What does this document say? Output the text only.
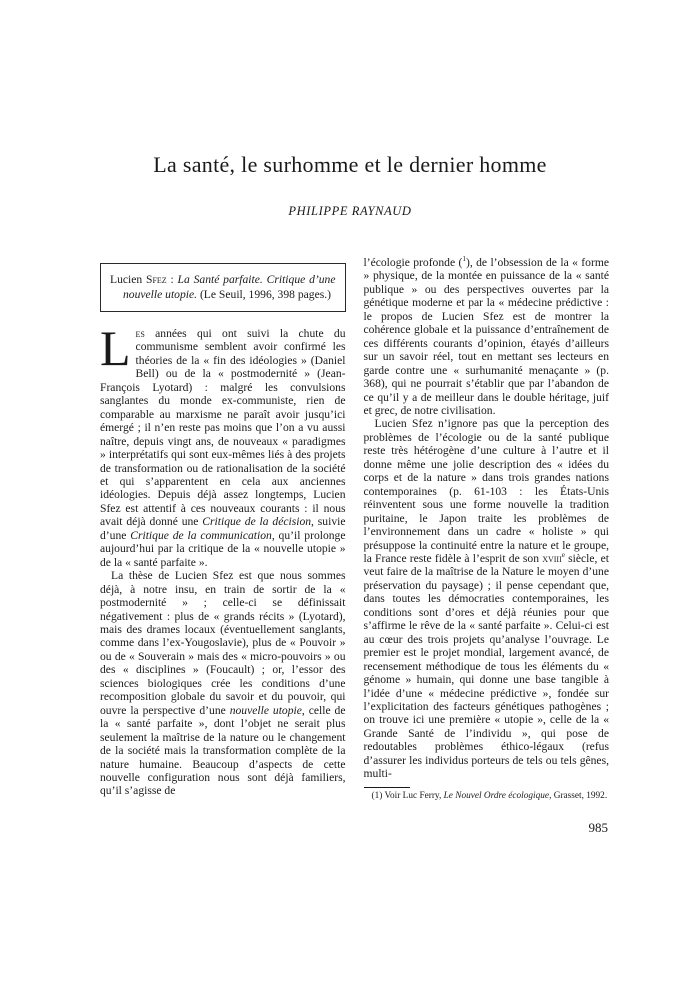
La santé, le surhomme et le dernier homme
PHILIPPE RAYNAUD

Lucien Sfez : La Santé parfaite. Critique d’une nouvelle utopie. (Le Seuil, 1996, 398 pages.)

Les années qui ont suivi la chute du communisme semblent avoir confirmé les théories de la « fin des idéologies » (Daniel Bell) ou de la « postmodernité » (Jean-François Lyotard) : malgré les convulsions sanglantes du monde ex-communiste, rien de comparable au marxisme ne paraît avoir jusqu’ici émergé ; il n’en reste pas moins que l’on a vu aussi naître, depuis vingt ans, de nouveaux « paradigmes » interprétatifs qui sont eux-mêmes liés à des projets de transformation ou de rationalisation de la société et qui s’apparentent en cela aux anciennes idéologies. Depuis déjà assez longtemps, Lucien Sfez est attentif à ces nouveaux courants : il nous avait déjà donné une Critique de la décision, suivie d’une Critique de la communication, qu’il prolonge aujourd’hui par la critique de la « nouvelle utopie » de la « santé parfaite ».

La thèse de Lucien Sfez est que nous sommes déjà, à notre insu, en train de sortir de la « postmodernité » ; celle-ci se définissait négativement : plus de « grands récits » (Lyotard), mais des drames locaux (éventuellement sanglants, comme dans l’ex-Yougoslavie), plus de « Pouvoir » ou de « Souverain » mais des « micro-pouvoirs » ou des « disciplines » (Foucault) ; or, l’essor des sciences biologiques crée les conditions d’une recomposition globale du savoir et du pouvoir, qui ouvre la perspective d’une nouvelle utopie, celle de la « santé parfaite », dont l’objet ne serait plus seulement la maîtrise de la nature ou le changement de la société mais la transformation complète de la nature humaine. Beaucoup d’aspects de cette nouvelle configuration nous sont déjà familiers, qu’il s’agisse de

l’écologie profonde ($^1$), de l’obsession de la « forme » physique, de la montée en puissance de la « santé publique » ou des perspectives ouvertes par la génétique moderne et par la « médecine prédictive : le propos de Lucien Sfez est de montrer la cohérence globale et la puissance d’entraînement de ces différents courants d’opinion, étayés d’ailleurs sur un savoir réel, tout en mettant ses lecteurs en garde contre une « surhumanité menaçante » (p. 368), qui ne pourrait s’établir que par l’abandon de ce qu’il y a de meilleur dans le double héritage, juif et grec, de notre civilisation.

Lucien Sfez n’ignore pas que la perception des problèmes de l’écologie ou de la santé publique reste très hétérogène d’une culture à l’autre et il donne même une jolie description des « idées du corps et de la nature » dans trois grandes nations contemporaines (p. 61-103 : les États-Unis réinventent sous une forme nouvelle la tradition puritaine, le Japon traite les problèmes de l’environnement dans un cadre « holiste » qui présuppose la continuité entre la nature et le groupe, la France reste fidèle à l’esprit de son xviii$^e$ siècle, et veut faire de la maîtrise de la Nature le moyen d’une préservation du paysage) ; il pense cependant que, dans toutes les démocraties contemporaines, les conditions sont d’ores et déjà réunies pour que s’affirme le rêve de la « santé parfaite ». Celui-ci est au cœur des trois projets qu’analyse l’ouvrage. Le premier est le projet mondial, largement avancé, de recensement méthodique de tous les éléments du « génome » humain, qui donne une base tangible à l’idée d’une « médecine prédictive », fondée sur l’explicitation des facteurs génétiques pathogènes ; on trouve ici une première « utopie », celle de la « Grande Santé de l’individu », qui pose de redoutables problèmes éthico-légaux (refus d’assurer les individus porteurs de tels ou tels gênes, multi-

(1) Voir Luc Ferry, Le Nouvel Ordre écologique, Grasset, 1992.

985
